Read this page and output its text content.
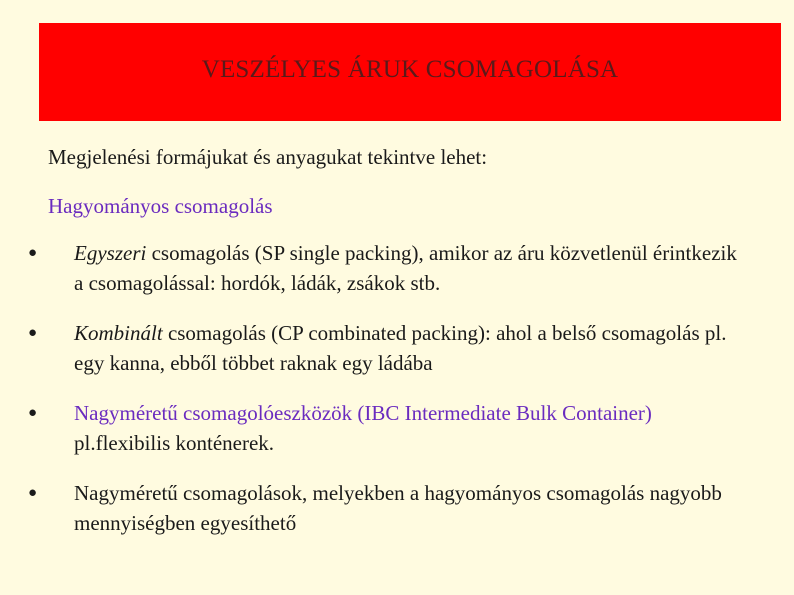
VESZÉLYES ÁRUK CSOMAGOLÁSA
Megjelenési formájukat és anyagukat tekintve lehet:
Hagyományos csomagolás
● Egyszeri csomagolás (SP single packing), amikor az áru közvetlenül érintkezik a csomagolással: hordók, ládák, zsákok stb.
● Kombinált csomagolás (CP combinated packing): ahol a belső csomagolás pl. egy kanna, ebből többet raknak egy ládába
● Nagyméretű csomagolóeszközök (IBC Intermediate Bulk Container) pl.flexibilis konténerek.
● Nagyméretű csomagolások, melyekben a hagyományos csomagolás nagyobb mennyiségben egyesíthető
